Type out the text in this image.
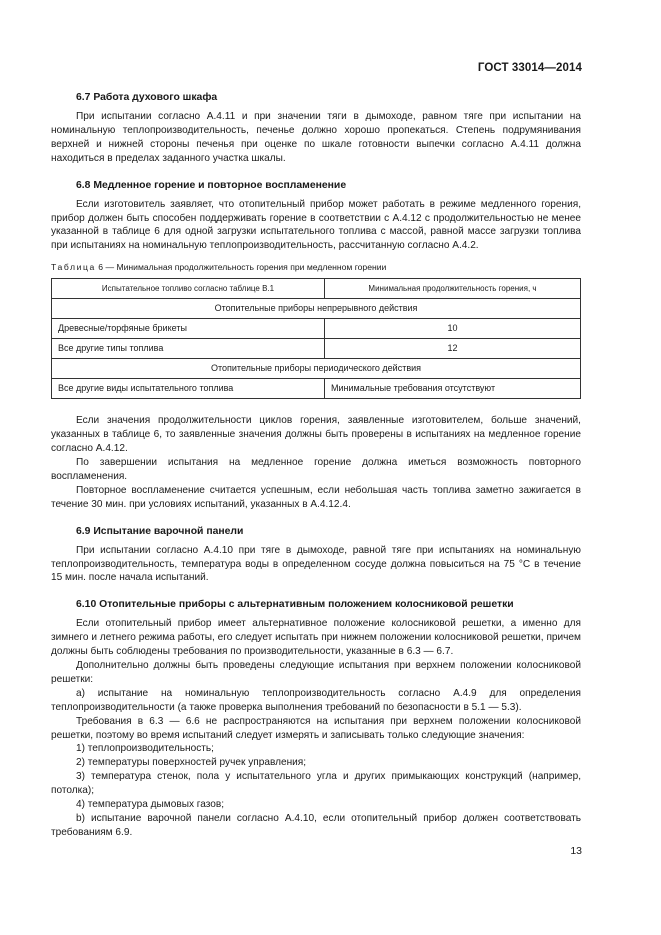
ГОСТ 33014—2014
6.7 Работа духового шкафа

При испытании согласно А.4.11 и при значении тяги в дымоходе, равном тяге при испытании на номинальную теплопроизводительность, печенье должно хорошо пропекаться. Степень подрумянивания верхней и нижней стороны печенья при оценке по шкале готовности выпечки согласно А.4.11 должна находиться в пределах заданного участка шкалы.

6.8 Медленное горение и повторное воспламенение

Если изготовитель заявляет, что отопительный прибор может работать в режиме медленного горения, прибор должен быть способен поддерживать горение в соответствии с А.4.12 с продолжительностью не менее указанной в таблице 6 для одной загрузки испытательного топлива с массой, равной массе загрузки топлива при испытаниях на номинальную теплопроизводительность, рассчитанную согласно А.4.2.

Таблица 6 — Минимальная продолжительность горения при медленном горении
Испытательное топливо согласно таблице В.1	Минимальная продолжительность горения, ч
Отопительные приборы непрерывного действия	
Древесные/торфяные брикеты	10
Все другие типы топлива	12
Отопительные приборы периодического действия	
Все другие виды испытательного топлива	Минимальные требования отсутствуют

Если значения продолжительности циклов горения, заявленные изготовителем, больше значений, указанных в таблице 6, то заявленные значения должны быть проверены в испытаниях на медленное горение согласно А.4.12.

По завершении испытания на медленное горение должна иметься возможность повторного воспламенения.

Повторное воспламенение считается успешным, если небольшая часть топлива заметно зажигается в течение 30 мин. при условиях испытаний, указанных в А.4.12.4.

6.9 Испытание варочной панели

При испытании согласно А.4.10 при тяге в дымоходе, равной тяге при испытаниях на номинальную теплопроизводительность, температура воды в определенном сосуде должна повыситься на 75 °С в течение 15 мин. после начала испытаний.

6.10 Отопительные приборы с альтернативным положением колосниковой решетки

Если отопительный прибор имеет альтернативное положение колосниковой решетки, а именно для зимнего и летнего режима работы, его следует испытать при нижнем положении колосниковой решетки, причем должны быть соблюдены требования по производительности, указанные в 6.3 — 6.7.

Дополнительно должны быть проведены следующие испытания при верхнем положении колосниковой решетки:

а) испытание на номинальную теплопроизводительность согласно А.4.9 для определения теплопроизводительности (а также проверка выполнения требований по безопасности в 5.1 — 5.3).

Требования в 6.3 — 6.6 не распространяются на испытания при верхнем положении колосниковой решетки, поэтому во время испытаний следует измерять и записывать только следующие значения:

1) теплопроизводительность;

2) температуры поверхностей ручек управления;

3) температура стенок, пола у испытательного угла и других примыкающих конструкций (например, потолка);

4) температура дымовых газов;

b) испытание варочной панели согласно А.4.10, если отопительный прибор должен соответствовать требованиям 6.9.

13
